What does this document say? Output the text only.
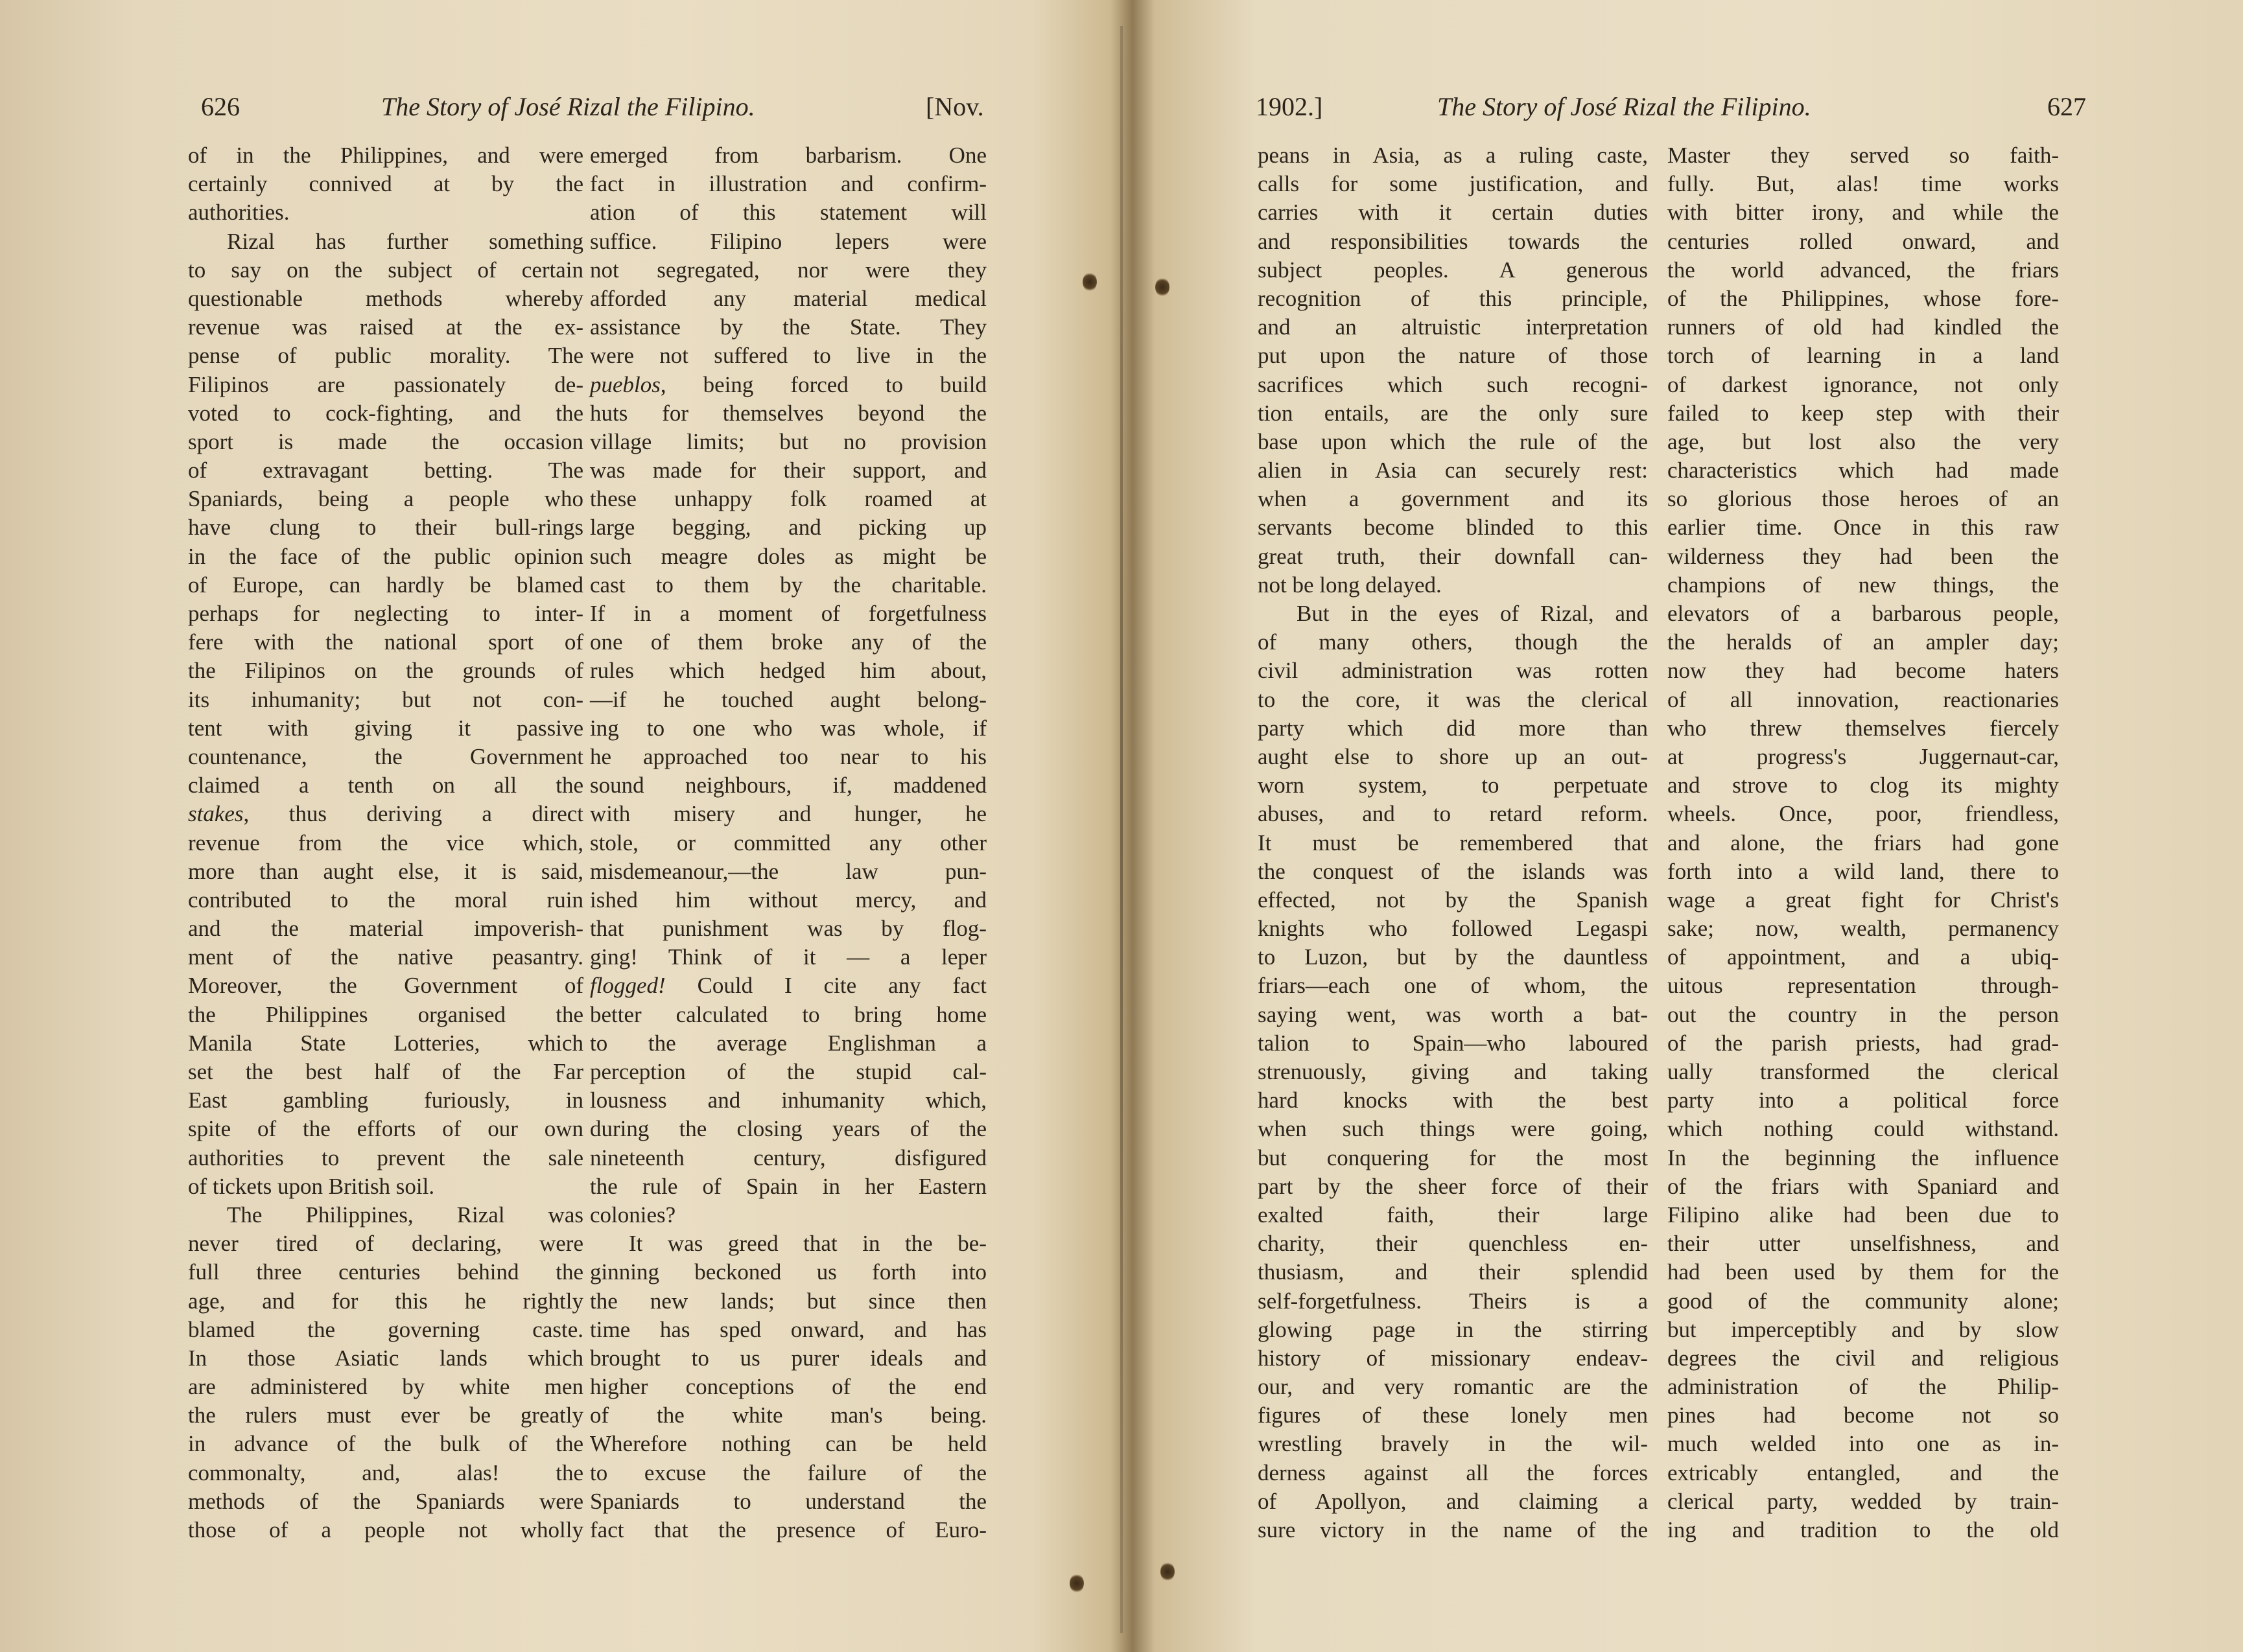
626	The Story of José Rizal the Filipino.	[Nov.
of in the Philippines, and were
certainly connived at by the
authorities.
Rizal has further something
to say on the subject of certain
questionable methods whereby
revenue was raised at the ex-
pense of public morality. The
Filipinos are passionately de-
voted to cock-fighting, and the
sport is made the occasion
of extravagant betting. The
Spaniards, being a people who
have clung to their bull-rings
in the face of the public opinion
of Europe, can hardly be blamed
perhaps for neglecting to inter-
fere with the national sport of
the Filipinos on the grounds of
its inhumanity; but not con-
tent with giving it passive
countenance, the Government
claimed a tenth on all the
stakes, thus deriving a direct
revenue from the vice which,
more than aught else, it is said,
contributed to the moral ruin
and the material impoverish-
ment of the native peasantry.
Moreover, the Government of
the Philippines organised the
Manila State Lotteries, which
set the best half of the Far
East gambling furiously, in
spite of the efforts of our own
authorities to prevent the sale
of tickets upon British soil.
The Philippines, Rizal was
never tired of declaring, were
full three centuries behind the
age, and for this he rightly
blamed the governing caste.
In those Asiatic lands which
are administered by white men
the rulers must ever be greatly
in advance of the bulk of the
commonalty, and, alas! the
methods of the Spaniards were
those of a people not wholly
emerged from barbarism. One
fact in illustration and confirm-
ation of this statement will
suffice. Filipino lepers were
not segregated, nor were they
afforded any material medical
assistance by the State. They
were not suffered to live in the
pueblos, being forced to build
huts for themselves beyond the
village limits; but no provision
was made for their support, and
these unhappy folk roamed at
large begging, and picking up
such meagre doles as might be
cast to them by the charitable.
If in a moment of forgetfulness
one of them broke any of the
rules which hedged him about,
—if he touched aught belong-
ing to one who was whole, if
he approached too near to his
sound neighbours, if, maddened
with misery and hunger, he
stole, or committed any other
misdemeanour,—the law pun-
ished him without mercy, and
that punishment was by flog-
ging! Think of it — a leper
flogged! Could I cite any fact
better calculated to bring home
to the average Englishman a
perception of the stupid cal-
lousness and inhumanity which,
during the closing years of the
nineteenth century, disfigured
the rule of Spain in her Eastern
colonies?
It was greed that in the be-
ginning beckoned us forth into
the new lands; but since then
time has sped onward, and has
brought to us purer ideals and
higher conceptions of the end
of the white man's being.
Wherefore nothing can be held
to excuse the failure of the
Spaniards to understand the
fact that the presence of Euro-
1902.]	The Story of José Rizal the Filipino.	627
peans in Asia, as a ruling caste,
calls for some justification, and
carries with it certain duties
and responsibilities towards the
subject peoples. A generous
recognition of this principle,
and an altruistic interpretation
put upon the nature of those
sacrifices which such recogni-
tion entails, are the only sure
base upon which the rule of the
alien in Asia can securely rest:
when a government and its
servants become blinded to this
great truth, their downfall can-
not be long delayed.
But in the eyes of Rizal, and
of many others, though the
civil administration was rotten
to the core, it was the clerical
party which did more than
aught else to shore up an out-
worn system, to perpetuate
abuses, and to retard reform.
It must be remembered that
the conquest of the islands was
effected, not by the Spanish
knights who followed Legaspi
to Luzon, but by the dauntless
friars—each one of whom, the
saying went, was worth a bat-
talion to Spain—who laboured
strenuously, giving and taking
hard knocks with the best
when such things were going,
but conquering for the most
part by the sheer force of their
exalted faith, their large
charity, their quenchless en-
thusiasm, and their splendid
self-forgetfulness. Theirs is a
glowing page in the stirring
history of missionary endeav-
our, and very romantic are the
figures of these lonely men
wrestling bravely in the wil-
derness against all the forces
of Apollyon, and claiming a
sure victory in the name of the
Master they served so faith-
fully. But, alas! time works
with bitter irony, and while the
centuries rolled onward, and
the world advanced, the friars
of the Philippines, whose fore-
runners of old had kindled the
torch of learning in a land
of darkest ignorance, not only
failed to keep step with their
age, but lost also the very
characteristics which had made
so glorious those heroes of an
earlier time. Once in this raw
wilderness they had been the
champions of new things, the
elevators of a barbarous people,
the heralds of an ampler day;
now they had become haters
of all innovation, reactionaries
who threw themselves fiercely
at progress's Juggernaut-car,
and strove to clog its mighty
wheels. Once, poor, friendless,
and alone, the friars had gone
forth into a wild land, there to
wage a great fight for Christ's
sake; now, wealth, permanency
of appointment, and a ubiq-
uitous representation through-
out the country in the person
of the parish priests, had grad-
ually transformed the clerical
party into a political force
which nothing could withstand.
In the beginning the influence
of the friars with Spaniard and
Filipino alike had been due to
their utter unselfishness, and
had been used by them for the
good of the community alone;
but imperceptibly and by slow
degrees the civil and religious
administration of the Philip-
pines had become not so
much welded into one as in-
extricably entangled, and the
clerical party, wedded by train-
ing and tradition to the old
